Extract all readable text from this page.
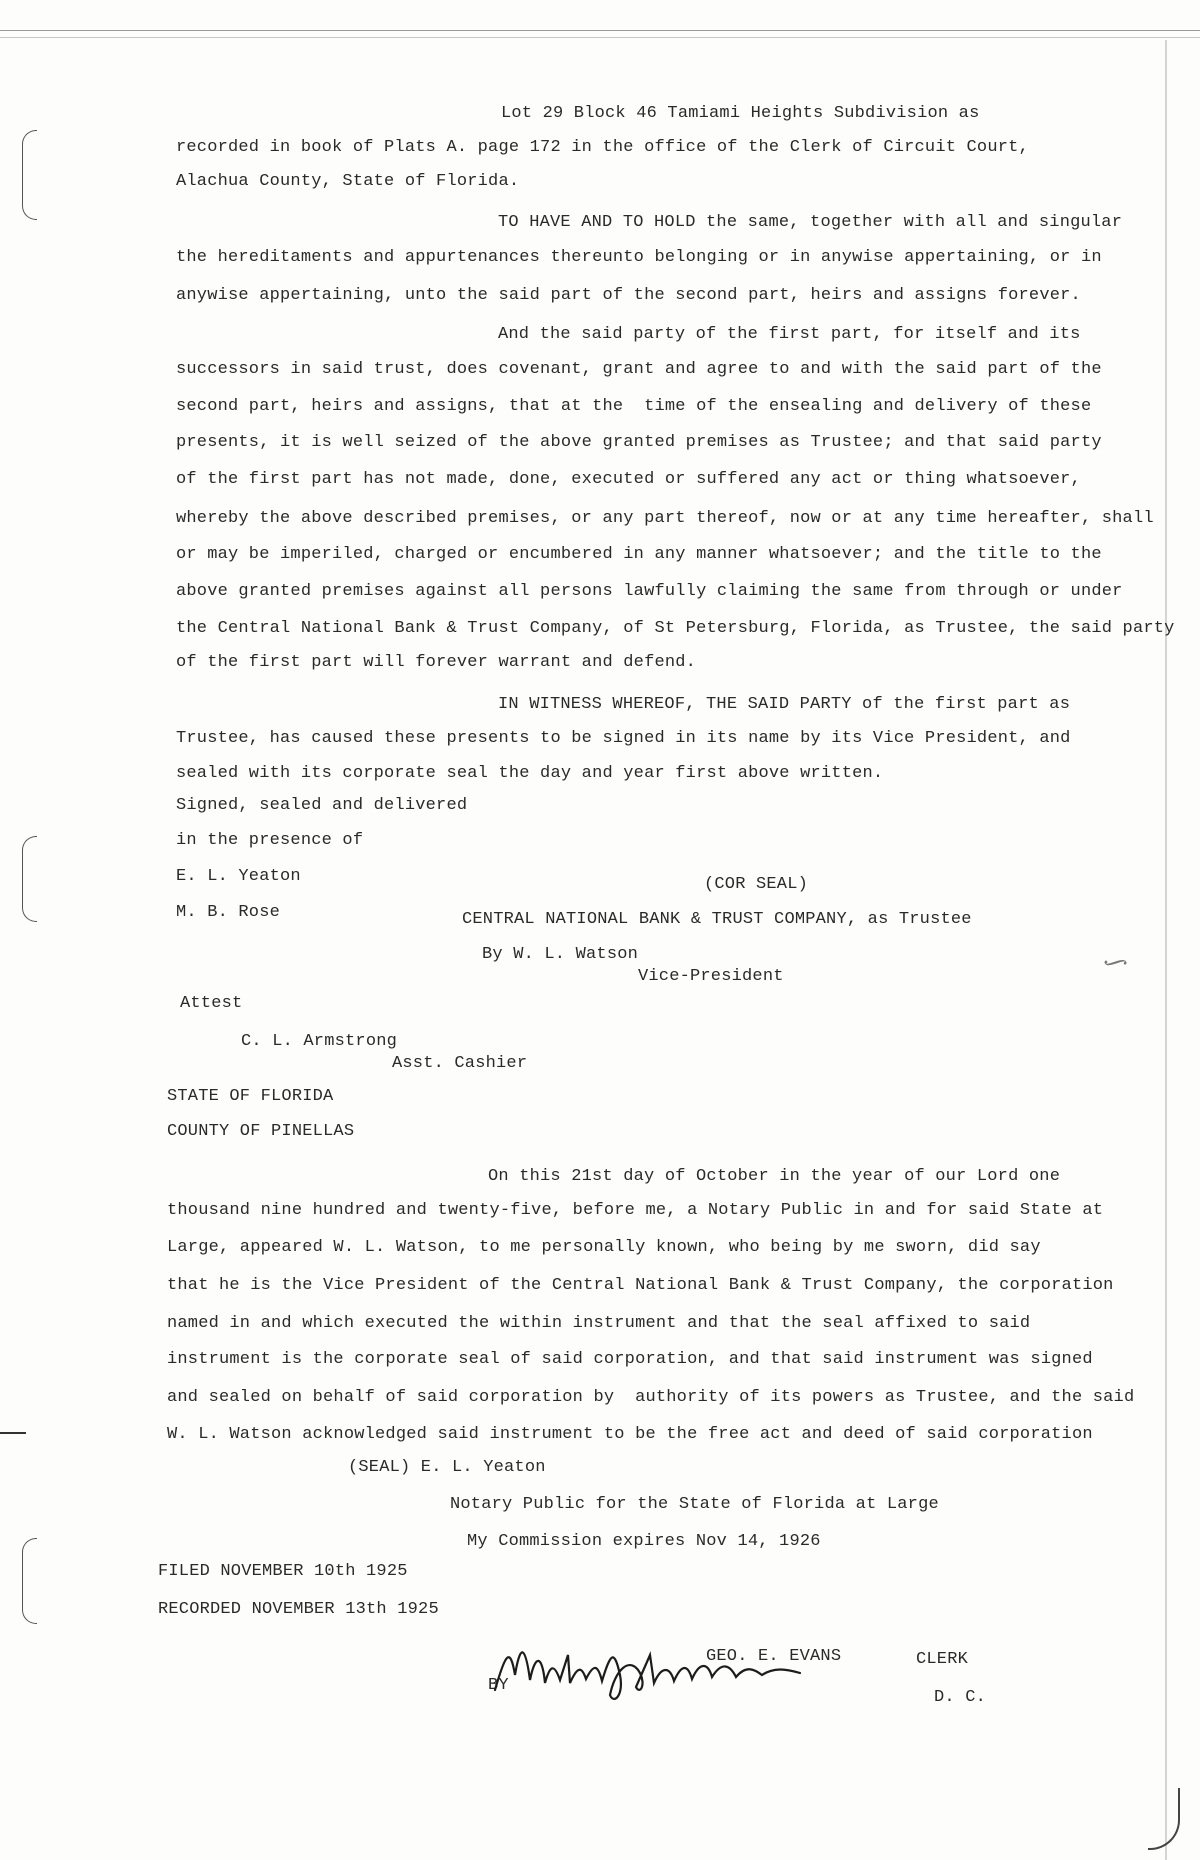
∫
Lot 29 Block 46 Tamiami Heights Subdivision as
recorded in book of Plats A. page 172 in the office of the Clerk of Circuit Court,
Alachua County, State of Florida.
TO HAVE AND TO HOLD the same, together with all and singular
the hereditaments and appurtenances thereunto belonging or in anywise appertaining, or in
anywise appertaining, unto the said part of the second part, heirs and assigns forever.
And the said party of the first part, for itself and its
successors in said trust, does covenant, grant and agree to and with the said part of the
second part, heirs and assigns, that at the  time of the ensealing and delivery of these
presents, it is well seized of the above granted premises as Trustee; and that said party
of the first part has not made, done, executed or suffered any act or thing whatsoever,
whereby the above described premises, or any part thereof, now or at any time hereafter, shall
or may be imperiled, charged or encumbered in any manner whatsoever; and the title to the
above granted premises against all persons lawfully claiming the same from through or under
the Central National Bank & Trust Company, of St Petersburg, Florida, as Trustee, the said party
of the first part will forever warrant and defend.
IN WITNESS WHEREOF, THE SAID PARTY of the first part as
Trustee, has caused these presents to be signed in its name by its Vice President, and
sealed with its corporate seal the day and year first above written.
Signed, sealed and delivered
in the presence of
E. L. Yeaton	(COR SEAL)
M. B. Rose	CENTRAL NATIONAL BANK & TRUST COMPANY, as Trustee
By W. L. Watson
Vice-President
Attest
C. L. Armstrong
Asst. Cashier
STATE OF FLORIDA
COUNTY OF PINELLAS
On this 21st day of October in the year of our Lord one
thousand nine hundred and twenty-five, before me, a Notary Public in and for said State at
Large, appeared W. L. Watson, to me personally known, who being by me sworn, did say
that he is the Vice President of the Central National Bank & Trust Company, the corporation
named in and which executed the within instrument and that the seal affixed to said
instrument is the corporate seal of said corporation, and that said instrument was signed
and sealed on behalf of said corporation by  authority of its powers as Trustee, and the said
W. L. Watson acknowledged said instrument to be the free act and deed of said corporation
(SEAL) E. L. Yeaton
Notary Public for the State of Florida at Large
My Commission expires Nov 14, 1926
FILED NOVEMBER 10th 1925
RECORDED NOVEMBER 13th 1925
GEO. E. EVANS	CLERK
BY
D. C.
